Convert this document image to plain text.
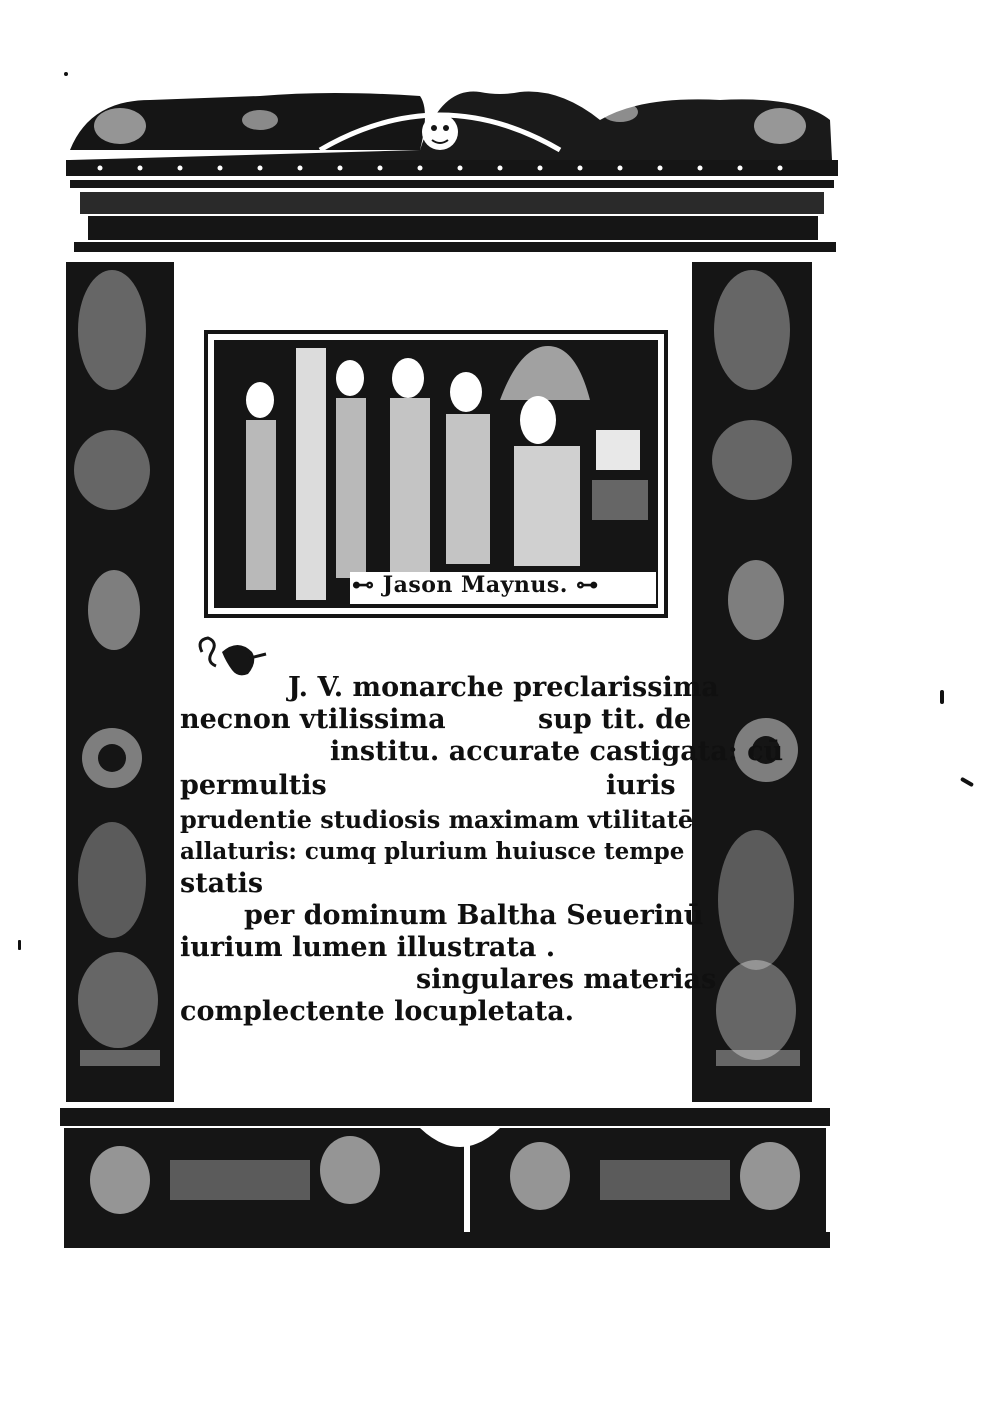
⊷ Jason Maynus. ⊶
J. V. monarche preclarissima
necnon vtilissima	sup tit. de
institu. accurate castigata: cū
permultis	iuris
prudentie studiosis maximam vtilitatē
allaturis: cumq plurium huiusce tempe
statis
per dominum Baltha Seuerinū
iurium lumen illustrata .
singulares materias
complectente locupletata.
